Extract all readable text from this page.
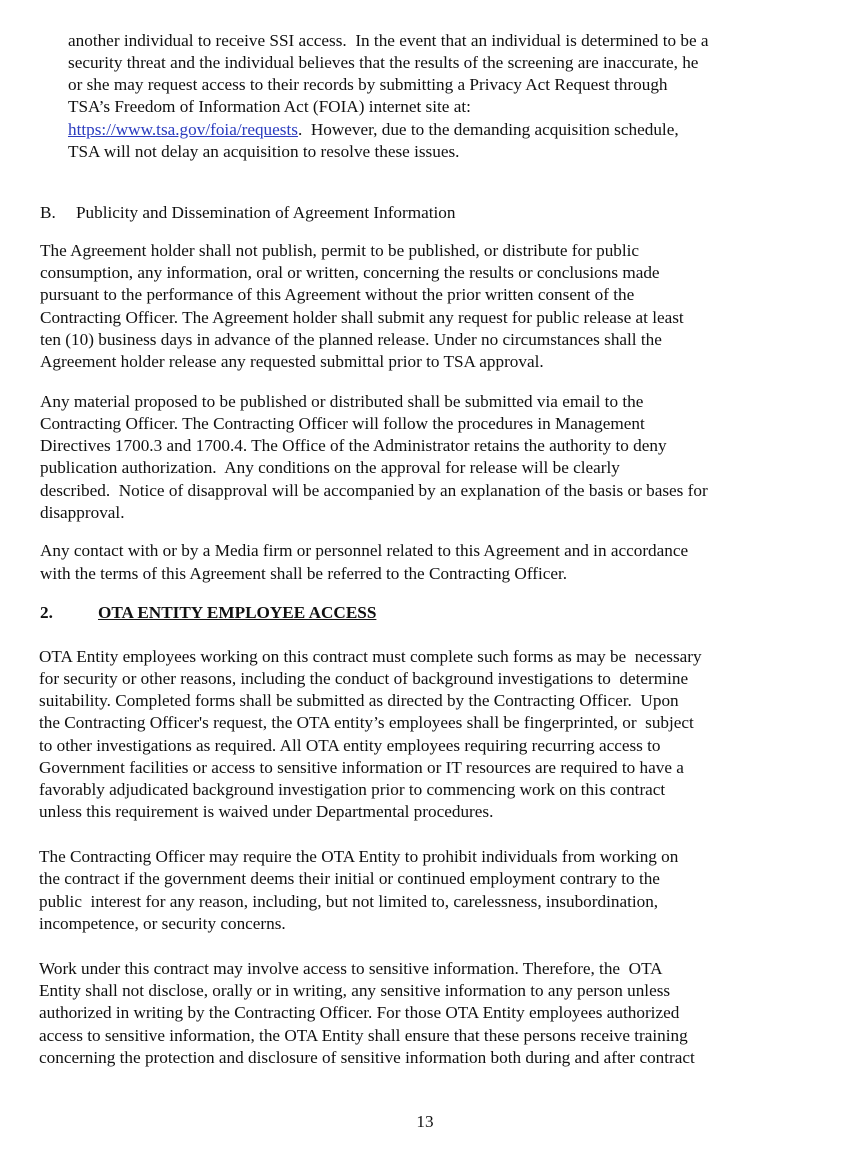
another individual to receive SSI access.  In the event that an individual is determined to be a
security threat and the individual believes that the results of the screening are inaccurate, he
or she may request access to their records by submitting a Privacy Act Request through
TSA’s Freedom of Information Act (FOIA) internet site at:
https://www.tsa.gov/foia/requests.  However, due to the demanding acquisition schedule,
TSA will not delay an acquisition to resolve these issues.
B. Publicity and Dissemination of Agreement Information
The Agreement holder shall not publish, permit to be published, or distribute for public
consumption, any information, oral or written, concerning the results or conclusions made
pursuant to the performance of this Agreement without the prior written consent of the
Contracting Officer. The Agreement holder shall submit any request for public release at least
ten (10) business days in advance of the planned release. Under no circumstances shall the
Agreement holder release any requested submittal prior to TSA approval.
Any material proposed to be published or distributed shall be submitted via email to the
Contracting Officer. The Contracting Officer will follow the procedures in Management
Directives 1700.3 and 1700.4. The Office of the Administrator retains the authority to deny
publication authorization.  Any conditions on the approval for release will be clearly
described.  Notice of disapproval will be accompanied by an explanation of the basis or bases for
disapproval.
Any contact with or by a Media firm or personnel related to this Agreement and in accordance
with the terms of this Agreement shall be referred to the Contracting Officer.
2.	OTA ENTITY EMPLOYEE ACCESS
OTA Entity employees working on this contract must complete such forms as may be  necessary
for security or other reasons, including the conduct of background investigations to  determine
suitability. Completed forms shall be submitted as directed by the Contracting Officer.  Upon
the Contracting Officer's request, the OTA entity’s employees shall be fingerprinted, or  subject
to other investigations as required. All OTA entity employees requiring recurring access to
Government facilities or access to sensitive information or IT resources are required to have a
favorably adjudicated background investigation prior to commencing work on this contract
unless this requirement is waived under Departmental procedures.
The Contracting Officer may require the OTA Entity to prohibit individuals from working on
the contract if the government deems their initial or continued employment contrary to the
public  interest for any reason, including, but not limited to, carelessness, insubordination,
incompetence, or security concerns.
Work under this contract may involve access to sensitive information. Therefore, the  OTA
Entity shall not disclose, orally or in writing, any sensitive information to any person unless
authorized in writing by the Contracting Officer. For those OTA Entity employees authorized
access to sensitive information, the OTA Entity shall ensure that these persons receive training
concerning the protection and disclosure of sensitive information both during and after contract
13
